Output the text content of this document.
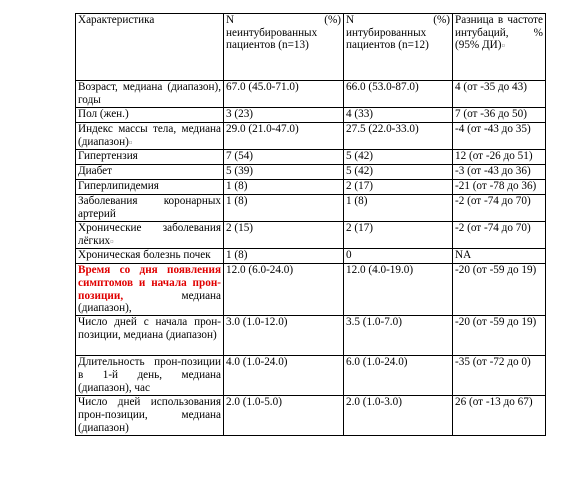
Характеристика	N (%) неинтубированных пациентов (n=13)	N (%) интубированных пациентов (n=12)	Разница в частоте интубаций, % (95% ДИ)¤
Возраст, медиана (диапазон), годы	67.0 (45.0-71.0)	66.0 (53.0-87.0)	4 (от -35 до 43)
Пол (жен.)	3 (23)	4 (33)	7 (от -36 до 50)
Индекс массы тела, медиана (диапазон)¤	29.0 (21.0-47.0)	27.5 (22.0-33.0)	-4 (от -43 до 35)
Гипертензия	7 (54)	5 (42)	12 (от -26 до 51)
Диабет	5 (39)	5 (42)	-3 (от -43 до 36)
Гиперлипидемия	1 (8)	2 (17)	-21 (от -78 до 36)
Заболевания коронарных артерий	1 (8)	1 (8)	-2 (от -74 до 70)
Хронические заболевания лёгких¤	2 (15)	2 (17)	-2 (от -74 до 70)
Хроническая болезнь почек	1 (8)	0	NA
Время со дня появления симптомов и начала прон-позиции, медиана (диапазон),	12.0 (6.0-24.0)	12.0 (4.0-19.0)	-20 (от -59 до 19)
Число дней с начала прон-позиции, медиана (диапазон)	3.0 (1.0-12.0)	3.5 (1.0-7.0)	-20 (от -59 до 19)
Длительность прон-позиции в 1-й день, медиана (диапазон), час	4.0 (1.0-24.0)	6.0 (1.0-24.0)	-35 (от -72 до 0)
Число дней использования прон-позиции, медиана (диапазон)	2.0 (1.0-5.0)	2.0 (1.0-3.0)	26 (от -13 до 67)
